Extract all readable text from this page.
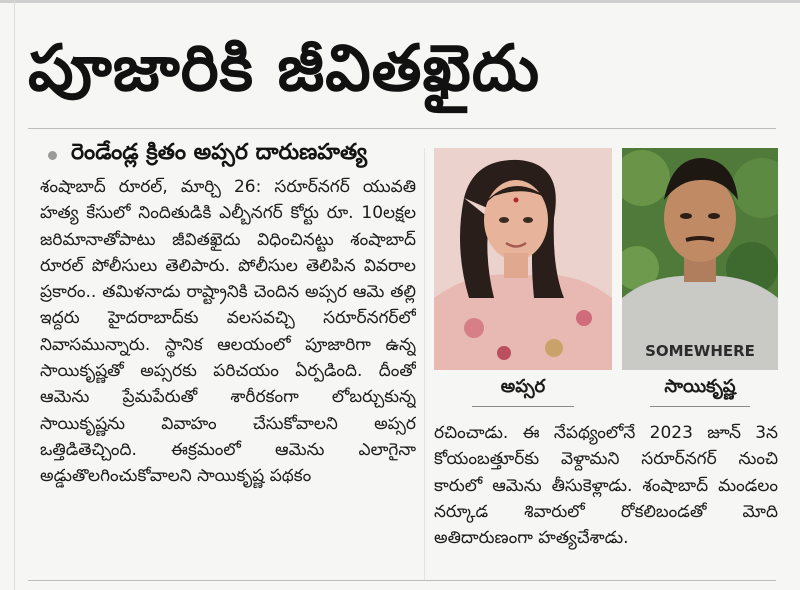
పూజారికి జీవితఖైదు
రెండేండ్ల క్రితం అప్సర దారుణహత్య

శంషాబాద్ రూరల్, మార్చి 26: సరూర్‌నగర్ యువతి హత్య కేసులో నిందితుడికి ఎల్బీనగర్ కోర్టు రూ. 10లక్షల జరిమానాతోపాటు జీవితఖైదు విధించినట్టు శంషాబాద్ రూరల్ పోలీసులు తెలిపారు. పోలీసుల తెలిపిన వివరాల ప్రకారం.. తమిళనాడు రాష్ట్రానికి చెందిన అప్సర ఆమె తల్లి ఇద్దరు హైదరాబాద్‌కు వలసవచ్చి సరూర్‌నగర్‌లో నివాసమున్నారు. స్థానిక ఆలయంలో పూజారిగా ఉన్న సాయికృష్ణతో అప్సరకు పరిచయం ఏర్పడింది. దీంతో ఆమెను ప్రేమపేరుతో శారీరకంగా లోబర్చుకున్న సాయికృష్ణను వివాహం చేసుకోవాలని అప్సర ఒత్తిడితెచ్చింది. ఈక్రమంలో ఆమెను ఎలాగైనా అడ్డుతొలగించుకోవాలని సాయికృష్ణ పథకం

SOMEWHERE
అప్సర	సాయికృష్ణ

రచించాడు. ఈ నేపథ్యంలోనే 2023 జూన్ 3న కోయంబత్తూర్‌కు వెళ్దామని సరూర్‌నగర్ నుంచి కారులో ఆమెను తీసుకెళ్లాడు. శంషాబాద్ మండలం నర్కూడ శివారులో రోకలిబండతో మోది అతిదారుణంగా హత్యచేశాడు.
